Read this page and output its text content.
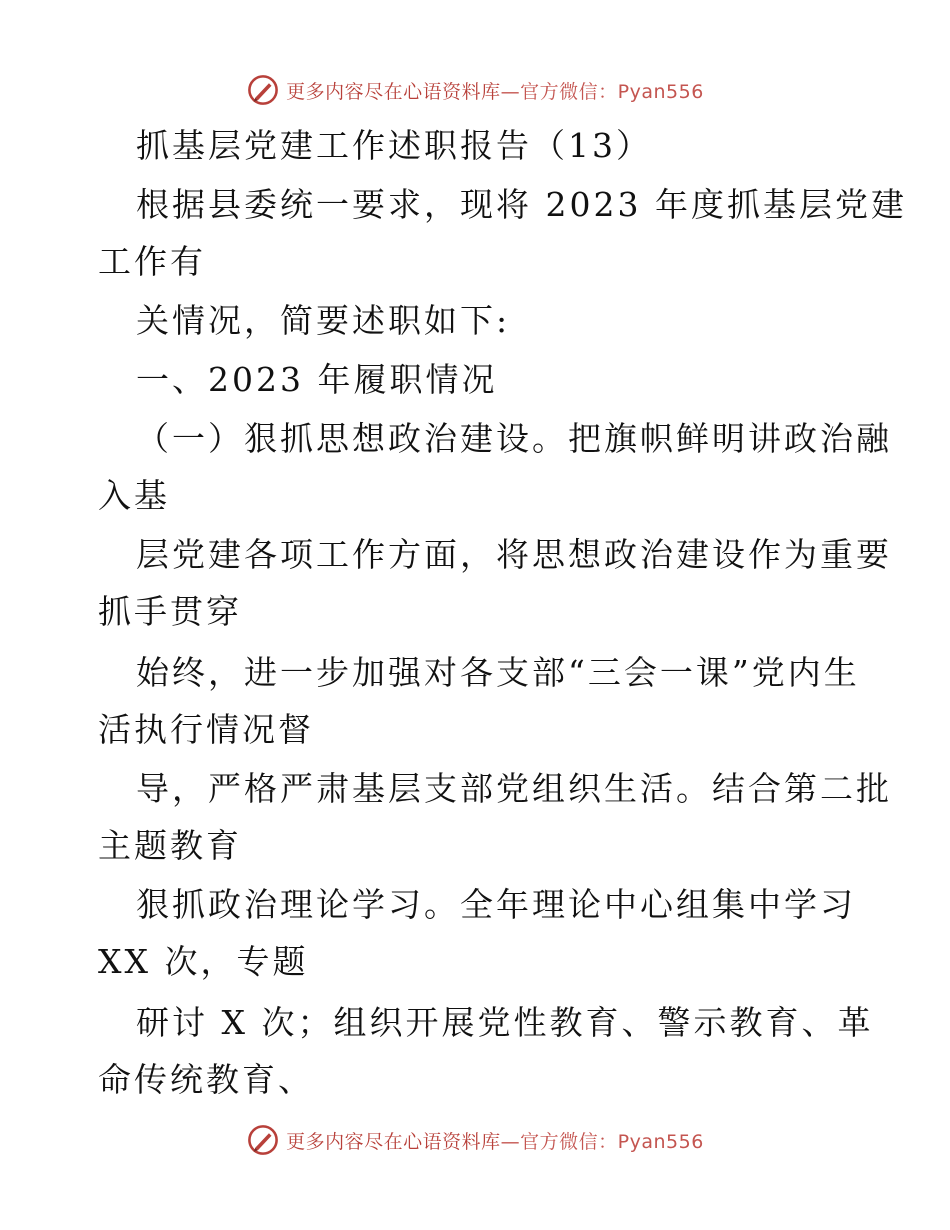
更多内容尽在心语资料库—官方微信：Pyan556
抓基层党建工作述职报告（13）
根据县委统一要求，现将 2023 年度抓基层党建
工作有
关情况，简要述职如下:
一、2023 年履职情况
（一）狠抓思想政治建设。把旗帜鲜明讲政治融
入基
层党建各项工作方面，将思想政治建设作为重要
抓手贯穿
始终，进一步加强对各支部“三会一课”党内生
活执行情况督
导，严格严肃基层支部党组织生活。结合第二批
主题教育
狠抓政治理论学习。全年理论中心组集中学习
XX 次，专题
研讨 X 次；组织开展党性教育、警示教育、革
命传统教育、
更多内容尽在心语资料库—官方微信：Pyan556
